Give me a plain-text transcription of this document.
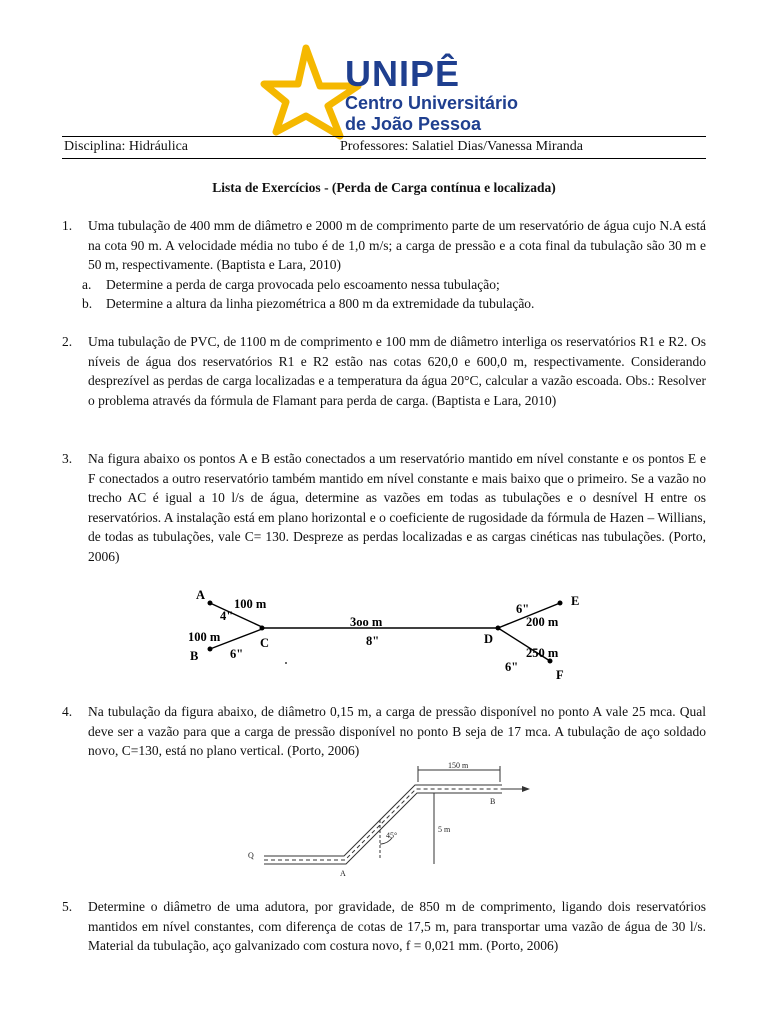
UNIPÊ
Centro Universitário
de João Pessoa
Disciplina: Hidráulica	Professores: Salatiel Dias/Vanessa Miranda
Lista de Exercícios - (Perda de Carga contínua e localizada)
1. Uma tubulação de 400 mm de diâmetro e 2000 m de comprimento parte de um reservatório de água cujo N.A está na cota 90 m. A velocidade média no tubo é de 1,0 m/s; a carga de pressão e a cota final da tubulação são 30 m e 50 m, respectivamente. (Baptista e Lara, 2010)
a. Determine a perda de carga provocada pelo escoamento nessa tubulação;
b. Determine a altura da linha piezométrica a 800 m da extremidade da tubulação.
2. Uma tubulação de PVC, de 1100 m de comprimento e 100 mm de diâmetro interliga os reservatórios R1 e R2. Os níveis de água dos reservatórios R1 e R2 estão nas cotas 620,0 e 600,0 m, respectivamente. Considerando desprezível as perdas de carga localizadas e a temperatura da água 20°C, calcular a vazão escoada. Obs.: Resolver o problema através da fórmula de Flamant para perda de carga. (Baptista e Lara, 2010)
3. Na figura abaixo os pontos A e B estão conectados a um reservatório mantido em nível constante e os pontos E e F conectados a outro reservatório também mantido em nível constante e mais baixo que o primeiro. Se a vazão no trecho AC é igual a 10 l/s de água, determine as vazões em todas as tubulações e o desnível H entre os reservatórios. A instalação está em plano horizontal e o coeficiente de rugosidade da fórmula de Hazen – Willians, de todas as tubulações, vale C= 130. Despreze as perdas localizadas e as cargas cinéticas nas tubulações. (Porto, 2006)
A
B
C	D
E
F
100 m
4"
100 m
6"
3oo m
8"
6"
200 m
250 m
6"
4. Na tubulação da figura abaixo, de diâmetro 0,15 m, a carga de pressão disponível no ponto A vale 25 mca. Qual deve ser a vazão para que a carga de pressão disponível no ponto B seja de 17 mca. A tubulação de aço soldado novo, C=130, está no plano vertical. (Porto, 2006)
150 m
5 m
45°
Q
A
B
5. Determine o diâmetro de uma adutora, por gravidade, de 850 m de comprimento, ligando dois reservatórios mantidos em nível constantes, com diferença de cotas de 17,5 m, para transportar uma vazão de água de 30 l/s. Material da tubulação, aço galvanizado com costura novo, f = 0,021 mm. (Porto, 2006)
